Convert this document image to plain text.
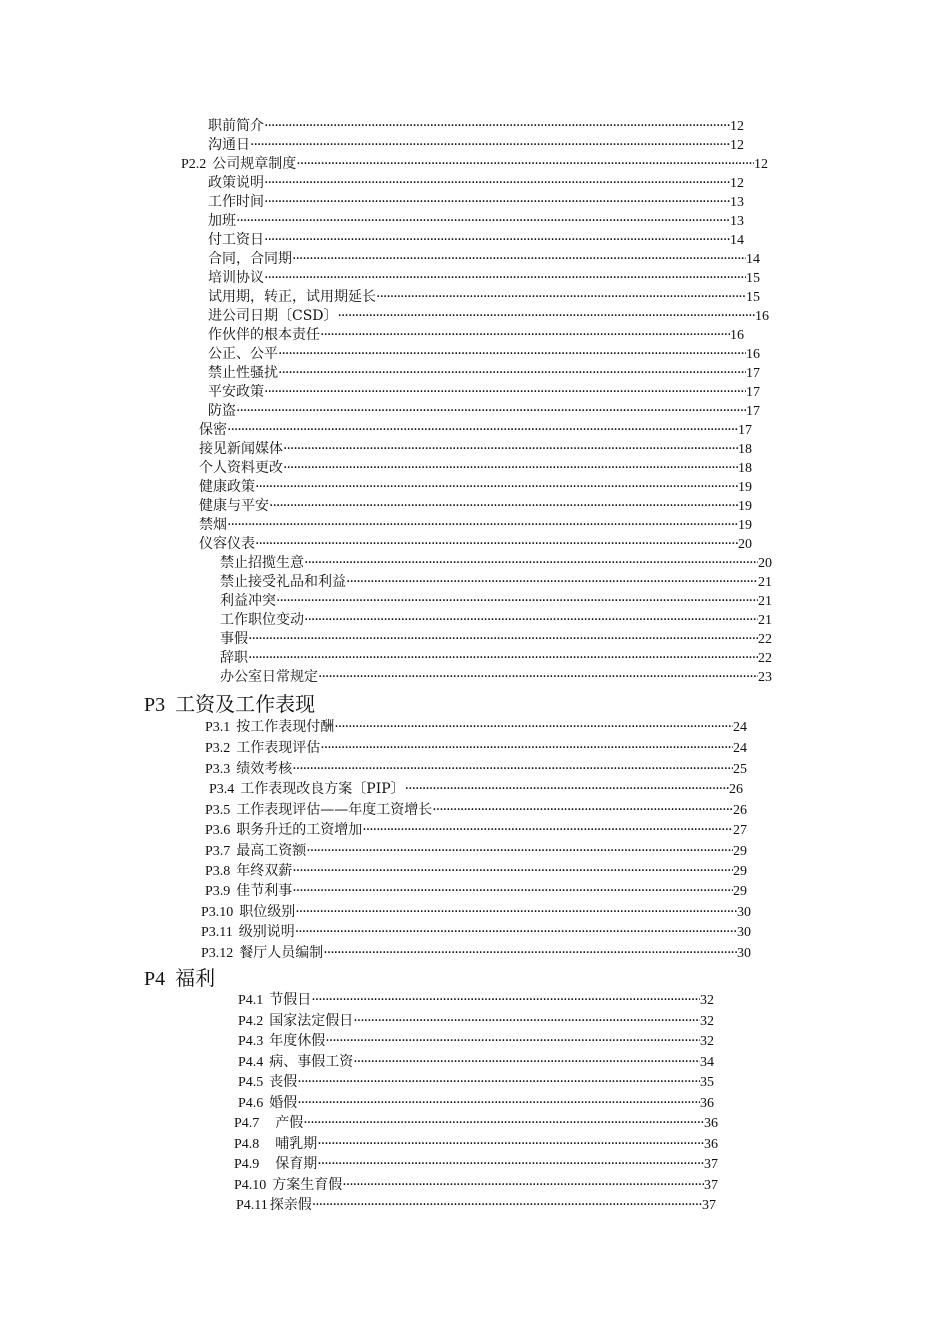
职前简介 ·····	12
沟通日 ·····	12
P2.2 公司规章制度 ·····	12
政策说明 ·····	12
工作时间 ·····	13
加班 ·····	13
付工资日 ·····	14
合同，合同期 ·····	14
培训协议 ·····	15
试用期，转正，试用期延长 ·····	15
进公司日期〔CSD〕 ·····	16
作伙伴的根本责任 ·····	16
公正、公平 ·····	16
禁止性骚扰 ·····	17
平安政策 ·····	17
防盗 ·····	17
保密 ·····	17
接见新闻媒体 ·····	18
个人资料更改 ·····	18
健康政策 ·····	19
健康与平安 ·····	19
禁烟 ·····	19
仪容仪表 ·····	20
禁止招揽生意 ·····	20
禁止接受礼品和利益 ·····	21
利益冲突 ·····	21
工作职位变动 ·····	21
事假 ·····	22
辞职 ·····	22
办公室日常规定 ·····	23
P3 工资及工作表现
P3.1 按工作表现付酬 ·····	24
P3.2 工作表现评估 ·····	24
P3.3 绩效考核 ·····	25
P3.4 工作表现改良方案〔PIP〕 ·····	26
P3.5 工作表现评估——年度工资增长 ·····	26
P3.6 职务升迁的工资增加 ·····	27
P3.7 最高工资额 ·····	29
P3.8 年终双薪 ·····	29
P3.9 佳节利事 ·····	29
P3.10 职位级别 ·····	30
P3.11 级别说明 ·····	30
P3.12 餐厅人员编制 ·····	30
P4 福利
P4.1 节假日 ·····	32
P4.2 国家法定假日 ·····	32
P4.3 年度休假 ·····	32
P4.4 病、事假工资 ·····	34
P4.5 丧假 ·····	35
P4.6 婚假 ·····	36
P4.7 产假 ·····	36
P4.8 哺乳期 ·····	36
P4.9 保育期 ·····	37
P4.10 方案生育假 ·····	37
P4.11 探亲假 ·····	37
